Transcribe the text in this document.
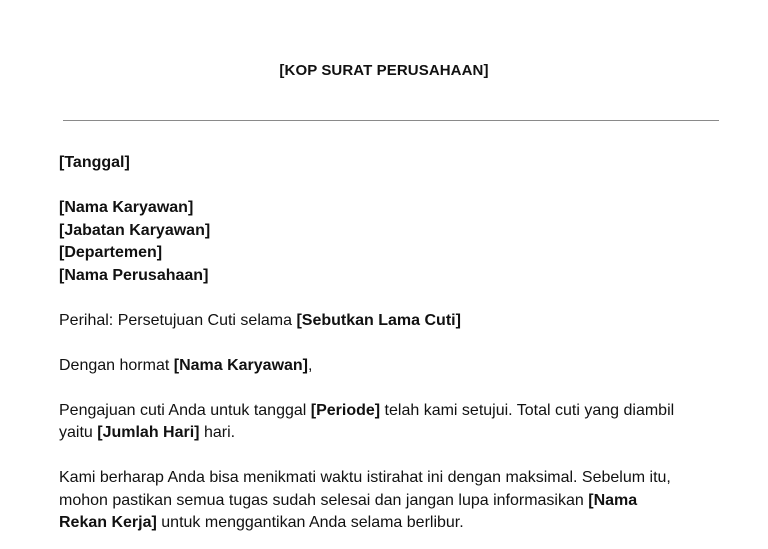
[KOP SURAT PERUSAHAAN]
[Tanggal]
[Nama Karyawan]
[Jabatan Karyawan]
[Departemen]
[Nama Perusahaan]
Perihal: Persetujuan Cuti selama [Sebutkan Lama Cuti]
Dengan hormat [Nama Karyawan],
Pengajuan cuti Anda untuk tanggal [Periode] telah kami setujui. Total cuti yang diambil
yaitu [Jumlah Hari] hari.
Kami berharap Anda bisa menikmati waktu istirahat ini dengan maksimal. Sebelum itu,
mohon pastikan semua tugas sudah selesai dan jangan lupa informasikan [Nama
Rekan Kerja] untuk menggantikan Anda selama berlibur.
